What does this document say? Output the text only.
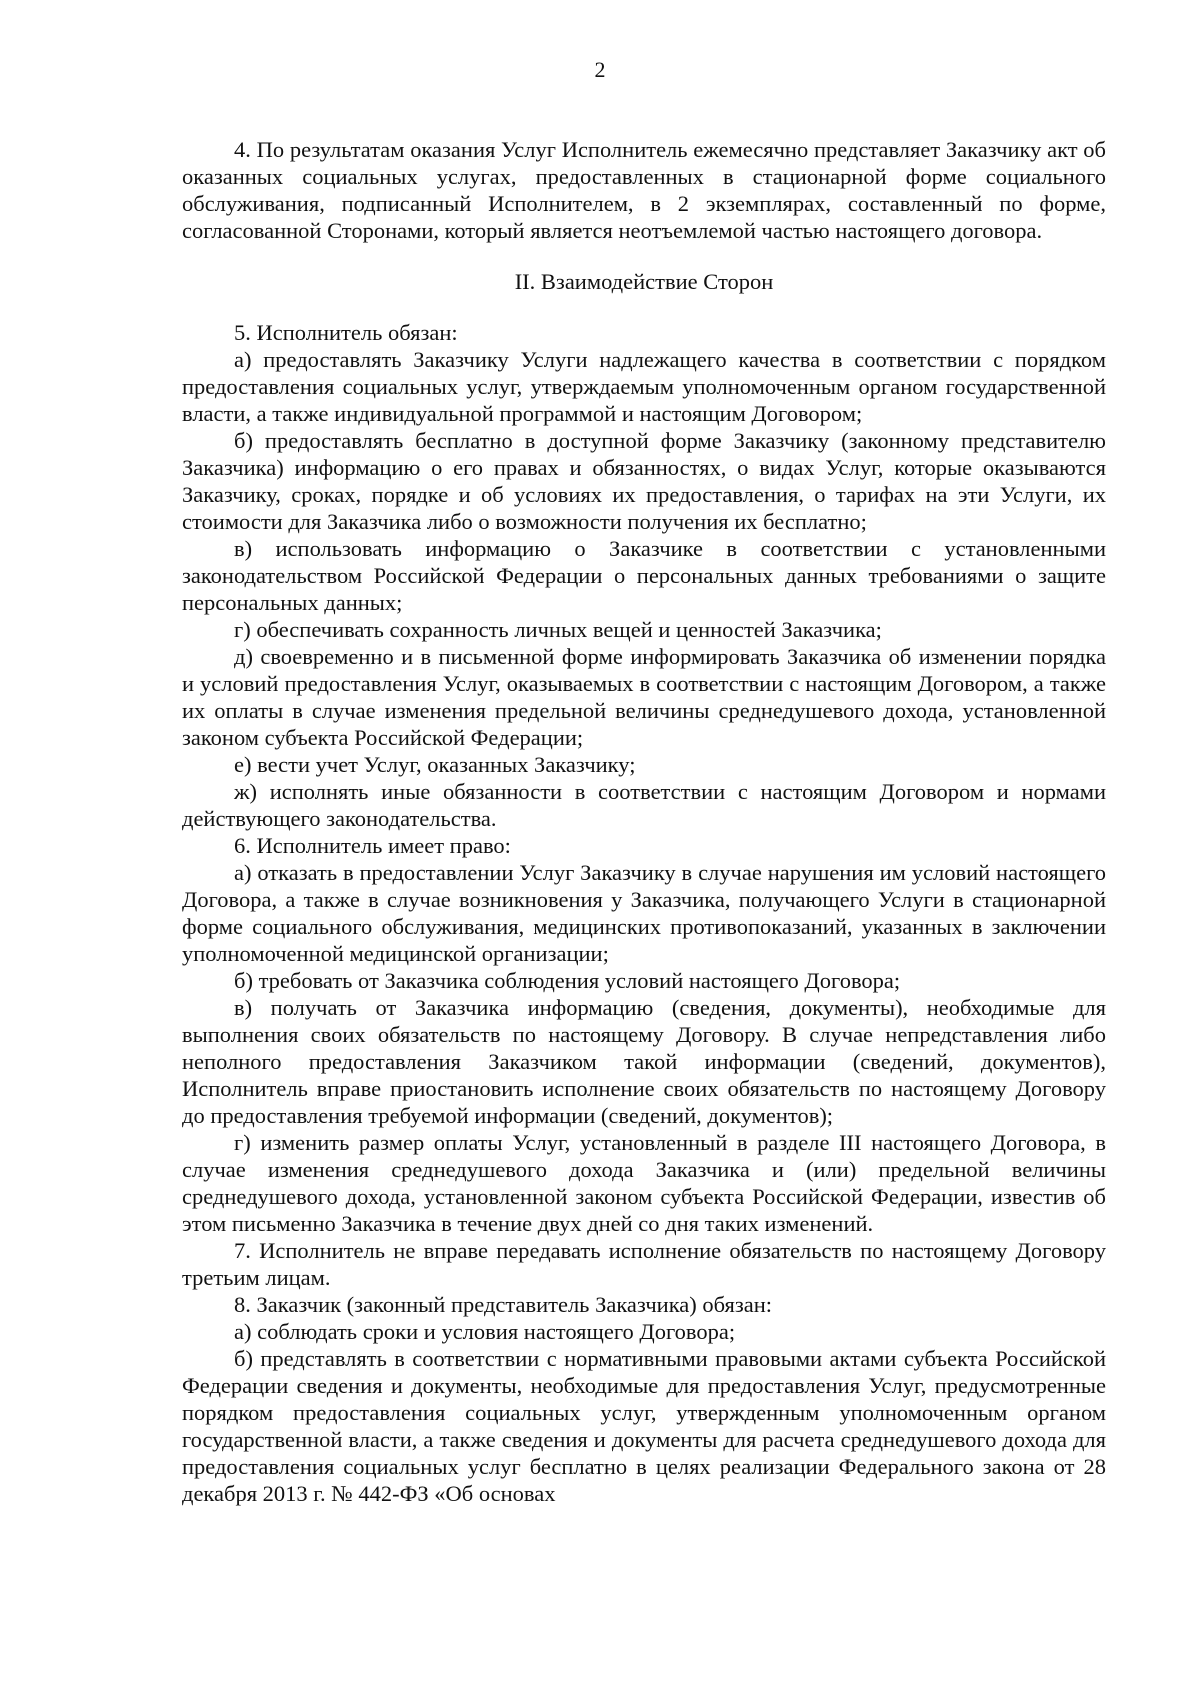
2

4. По результатам оказания Услуг Исполнитель ежемесячно представляет Заказчику акт об оказанных социальных услугах, предоставленных в стационарной форме социального обслуживания, подписанный Исполнителем, в 2 экземплярах, составленный по форме, согласованной Сторонами, который является неотъемлемой частью настоящего договора.

II. Взаимодействие Сторон

5. Исполнитель обязан:

а) предоставлять Заказчику Услуги надлежащего качества в соответствии с порядком предоставления социальных услуг, утверждаемым уполномоченным органом государственной власти, а также индивидуальной программой и настоящим Договором;

б) предоставлять бесплатно в доступной форме Заказчику (законному представителю Заказчика) информацию о его правах и обязанностях, о видах Услуг, которые оказываются Заказчику, сроках, порядке и об условиях их предоставления, о тарифах на эти Услуги, их стоимости для Заказчика либо о возможности получения их бесплатно;

в) использовать информацию о Заказчике в соответствии с установленными законодательством Российской Федерации о персональных данных требованиями о защите персональных данных;

г) обеспечивать сохранность личных вещей и ценностей Заказчика;

д) своевременно и в письменной форме информировать Заказчика об изменении порядка и условий предоставления Услуг, оказываемых в соответствии с настоящим Договором, а также их оплаты в случае изменения предельной величины среднедушевого дохода, установленной законом субъекта Российской Федерации;

е) вести учет Услуг, оказанных Заказчику;

ж) исполнять иные обязанности в соответствии с настоящим Договором и нормами действующего законодательства.

6. Исполнитель имеет право:

а) отказать в предоставлении Услуг Заказчику в случае нарушения им условий настоящего Договора, а также в случае возникновения у Заказчика, получающего Услуги в стационарной форме социального обслуживания, медицинских противопоказаний, указанных в заключении уполномоченной медицинской организации;

б) требовать от Заказчика соблюдения условий настоящего Договора;

в) получать от Заказчика информацию (сведения, документы), необходимые для выполнения своих обязательств по настоящему Договору. В случае непредставления либо неполного предоставления Заказчиком такой информации (сведений, документов), Исполнитель вправе приостановить исполнение своих обязательств по настоящему Договору до предоставления требуемой информации (сведений, документов);

г) изменить размер оплаты Услуг, установленный в разделе III настоящего Договора, в случае изменения среднедушевого дохода Заказчика и (или) предельной величины среднедушевого дохода, установленной законом субъекта Российской Федерации, известив об этом письменно Заказчика в течение двух дней со дня таких изменений.

7. Исполнитель не вправе передавать исполнение обязательств по настоящему Договору третьим лицам.

8. Заказчик (законный представитель Заказчика) обязан:

а) соблюдать сроки и условия настоящего Договора;

б) представлять в соответствии с нормативными правовыми актами субъекта Российской Федерации сведения и документы, необходимые для предоставления Услуг, предусмотренные порядком предоставления социальных услуг, утвержденным уполномоченным органом государственной власти, а также сведения и документы для расчета среднедушевого дохода для предоставления социальных услуг бесплатно в целях реализации Федерального закона от 28 декабря 2013 г. № 442-ФЗ «Об основах
